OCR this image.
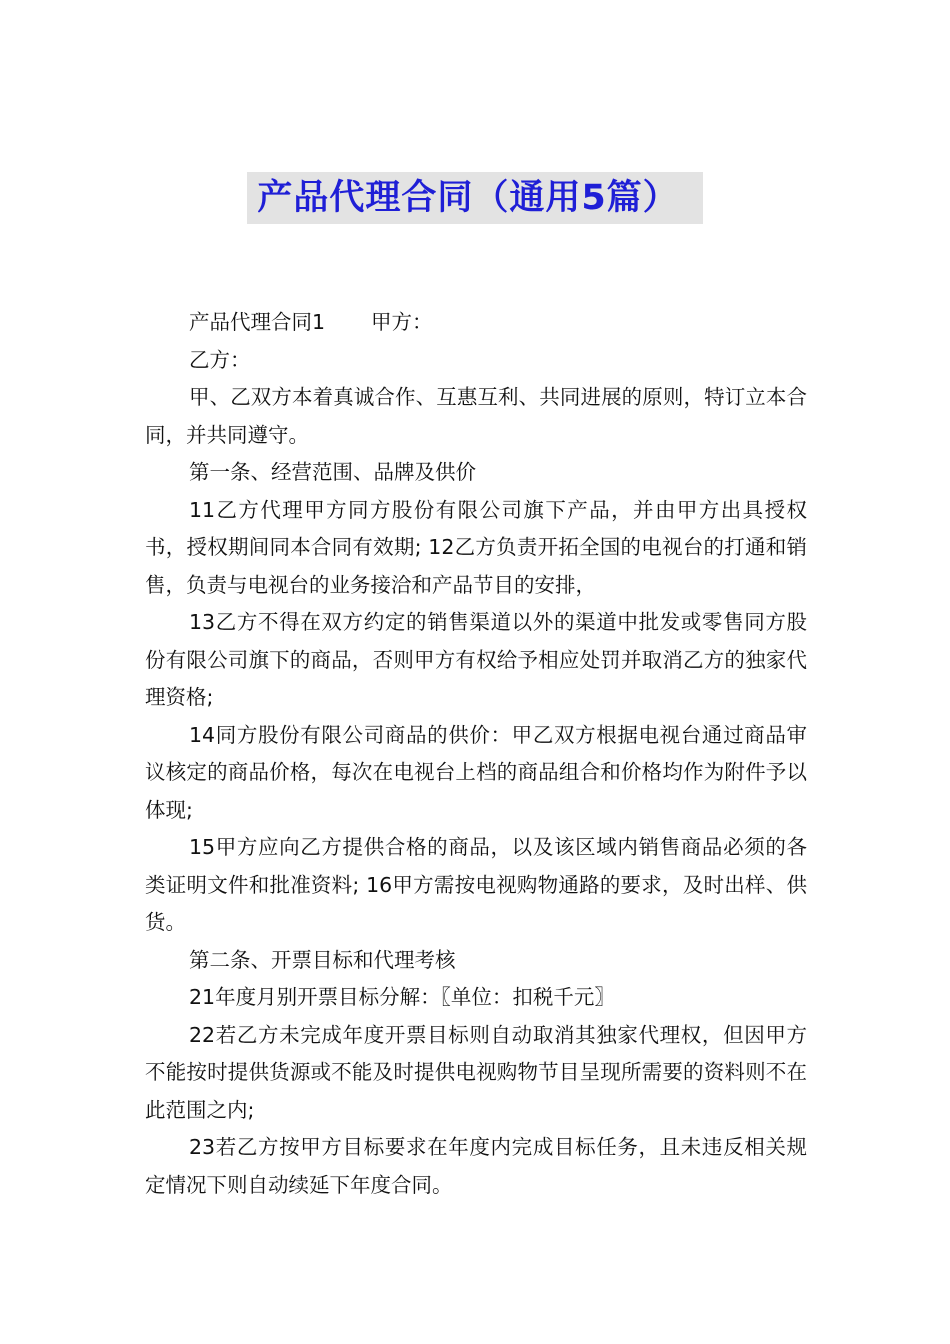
产品代理合同（通用5篇）

产品代理合同1 甲方：

乙方：

甲、乙双方本着真诚合作、互惠互利、共同进展的原则，特订立本合同，并共同遵守。

第一条、经营范围、品牌及供价

11乙方代理甲方同方股份有限公司旗下产品，并由甲方出具授权书，授权期间同本合同有效期; 12乙方负责开拓全国的电视台的打通和销售，负责与电视台的业务接洽和产品节目的安排，

13乙方不得在双方约定的销售渠道以外的渠道中批发或零售同方股份有限公司旗下的商品，否则甲方有权给予相应处罚并取消乙方的独家代理资格;

14同方股份有限公司商品的供价：甲乙双方根据电视台通过商品审议核定的商品价格，每次在电视台上档的商品组合和价格均作为附件予以体现;

15甲方应向乙方提供合格的商品，以及该区域内销售商品必须的各类证明文件和批准资料; 16甲方需按电视购物通路的要求，及时出样、供货。

第二条、开票目标和代理考核

21年度月别开票目标分解：〖单位：扣税千元〗

22若乙方未完成年度开票目标则自动取消其独家代理权，但因甲方不能按时提供货源或不能及时提供电视购物节目呈现所需要的资料则不在此范围之内;

23若乙方按甲方目标要求在年度内完成目标任务，且未违反相关规定情况下则自动续延下年度合同。
